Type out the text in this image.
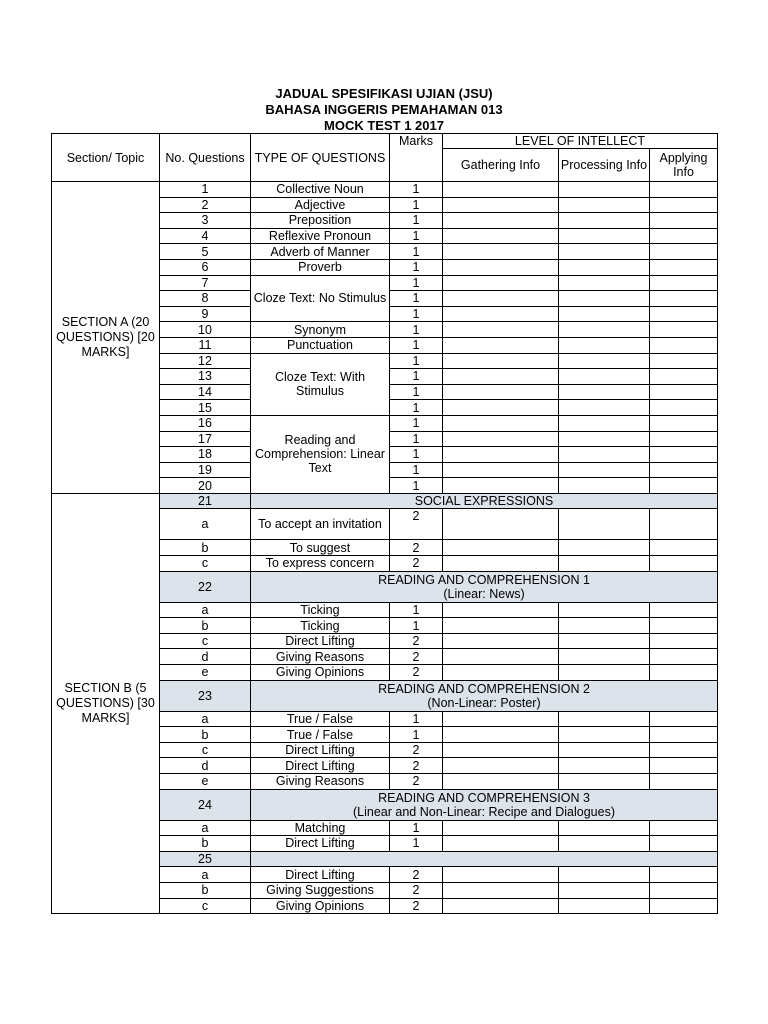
JADUAL SPESIFIKASI UJIAN (JSU)
BAHASA INGGERIS PEMAHAMAN 013
MOCK TEST 1 2017
Section/ Topic	No. Questions	TYPE OF QUESTIONS	Marks	LEVEL OF INTELLECT		
				Gathering Info	Processing Info	Applying Info
SECTION A (20 QUESTIONS) [20 MARKS]	1	Collective Noun	1			
	2	Adjective	1			
	3	Preposition	1			
	4	Reflexive Pronoun	1			
	5	Adverb of Manner	1			
	6	Proverb	1			
	7	Cloze Text: No Stimulus	1			
	8		1			
	9		1			
	10	Synonym	1			
	11	Punctuation	1			
	12	Cloze Text: With Stimulus	1			
	13		1			
	14		1			
	15		1			
	16	Reading and Comprehension: Linear Text	1			
	17		1			
	18		1			
	19		1			
	20		1			
SECTION B (5 QUESTIONS) [30 MARKS]	21	SOCIAL EXPRESSIONS				

	a	To accept an invitation	2			
	b	To suggest	2			
	c	To express concern	2			
	22	READING AND COMPREHENSION 1
(Linear: News)				

	a	Ticking	1			
	b	Ticking	1			
	c	Direct Lifting	2			
	d	Giving Reasons	2			
	e	Giving Opinions	2			
	23	READING AND COMPREHENSION 2
(Non-Linear: Poster)				

	a	True / False	1			
	b	True / False	1			
	c	Direct Lifting	2			
	d	Direct Lifting	2			
	e	Giving Reasons	2			
	24	READING AND COMPREHENSION 3
(Linear and Non-Linear: Recipe and Dialogues)				

	a	Matching	1			
	b	Direct Lifting	1			
	25					
	a	Direct Lifting	2			
	b	Giving Suggestions	2			
	c	Giving Opinions	2			
